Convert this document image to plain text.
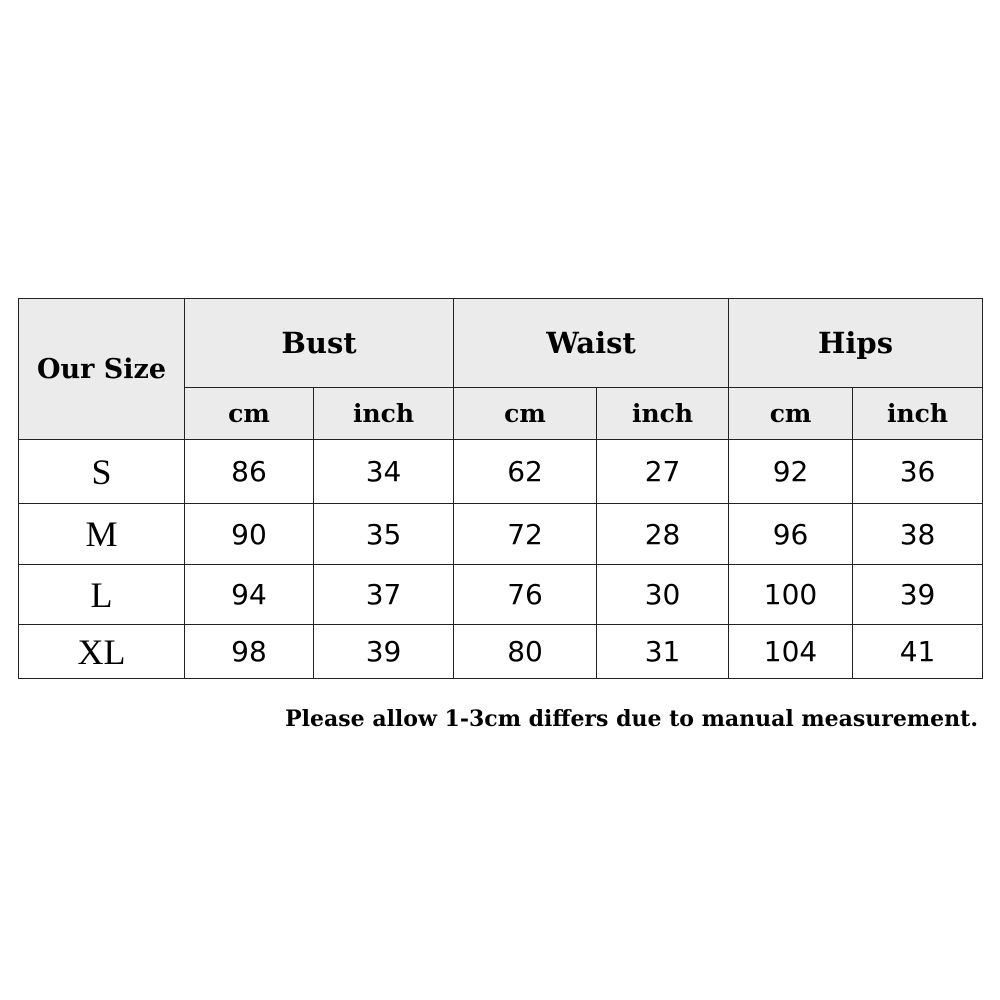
Our Size	Bust		Waist		Hips	
	cm	inch	cm	inch	cm	inch
S	86	34	62	27	92	36
M	90	35	72	28	96	38
L	94	37	76	30	100	39
XL	98	39	80	31	104	41

Please allow 1-3cm differs due to manual measurement.
